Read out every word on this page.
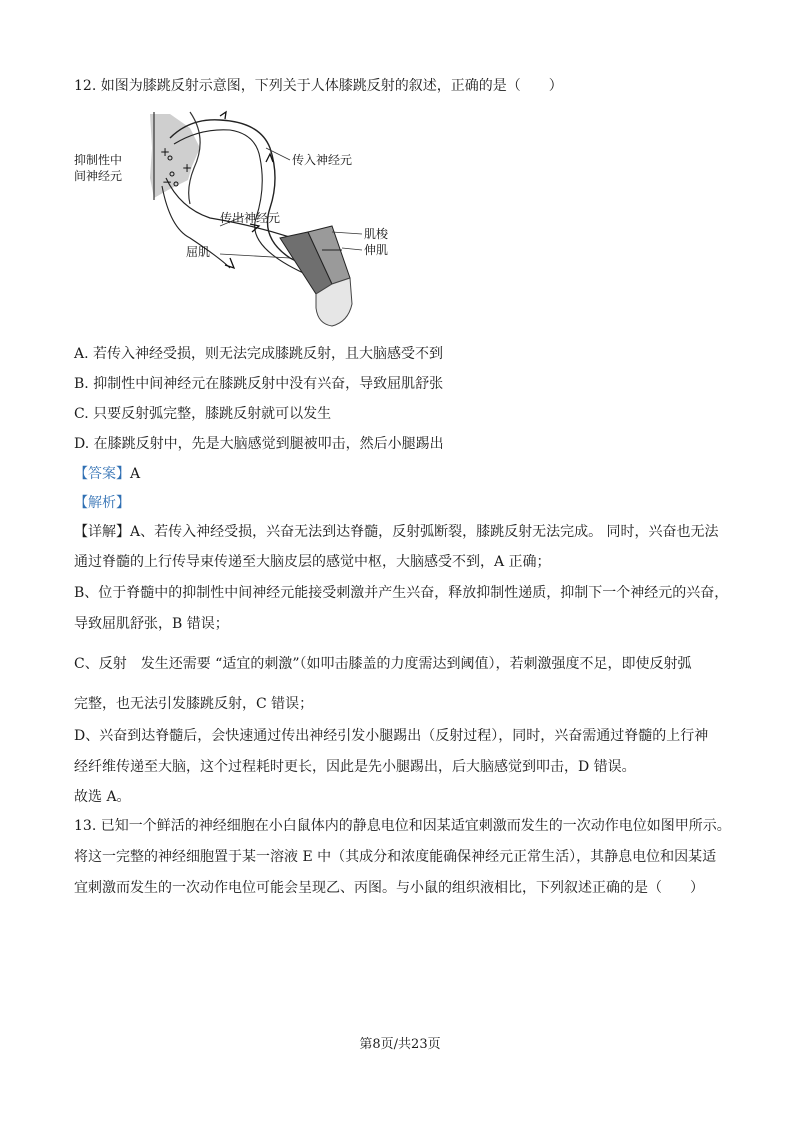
12. 如图为膝跳反射示意图，下列关于人体膝跳反射的叙述，正确的是（　　）
+
+
−
抑制性中
间神经元
传入神经元
传出神经元
屈肌
肌梭
伸肌
A. 若传入神经受损，则无法完成膝跳反射，且大脑感受不到
B. 抑制性中间神经元在膝跳反射中没有兴奋，导致屈肌舒张
C. 只要反射弧完整，膝跳反射就可以发生
D. 在膝跳反射中，先是大脑感觉到腿被叩击，然后小腿踢出
【答案】A
【解析】
【详解】A、若传入神经受损，兴奋无法到达脊髓，反射弧断裂，膝跳反射无法完成。 同时，兴奋也无法
通过脊髓的上行传导束传递至大脑皮层的感觉中枢，大脑感受不到，A 正确；
B、位于脊髓中的抑制性中间神经元能接受刺激并产生兴奋，释放抑制性递质，抑制下一个神经元的兴奋，
导致屈肌舒张，B 错误；
C、反射　发生还需要 “适宜的刺激”（如叩击膝盖的力度需达到阈值），若刺激强度不足，即使反射弧
完整，也无法引发膝跳反射，C 错误；
D、兴奋到达脊髓后，会快速通过传出神经引发小腿踢出（反射过程），同时，兴奋需通过脊髓的上行神
经纤维传递至大脑，这个过程耗时更长，因此是先小腿踢出，后大脑感觉到叩击，D 错误。
故选 A。
13. 已知一个鲜活的神经细胞在小白鼠体内的静息电位和因某适宜刺激而发生的一次动作电位如图甲所示。
将这一完整的神经细胞置于某一溶液 E 中（其成分和浓度能确保神经元正常生活），其静息电位和因某适
宜刺激而发生的一次动作电位可能会呈现乙、丙图。与小鼠的组织液相比，下列叙述正确的是（　　）
第8页/共23页
